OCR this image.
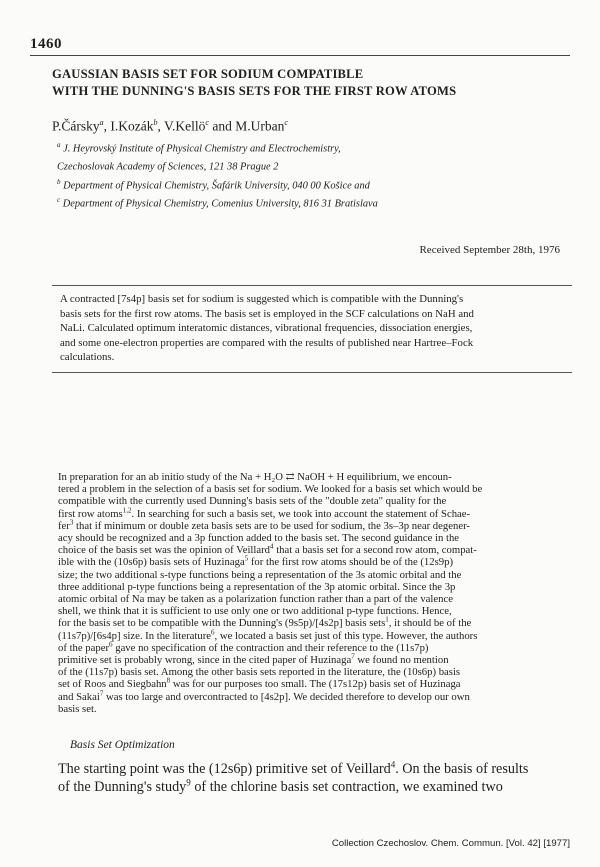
1460
GAUSSIAN BASIS SET FOR SODIUM COMPATIBLE
WITH THE DUNNING'S BASIS SETS FOR THE FIRST ROW ATOMS
P.Čársky$^a$, I.Kozák$^b$, V.Kellö$^c$ and M.Urban$^c$
$^a$ J. Heyrovský Institute of Physical Chemistry and Electrochemistry,
Czechoslovak Academy of Sciences, 121 38 Prague 2
$^b$ Department of Physical Chemistry, Šafárik University, 040 00 Košice and
$^c$ Department of Physical Chemistry, Comenius University, 816 31 Bratislava
Received September 28th, 1976
A contracted [7s4p] basis set for sodium is suggested which is compatible with the Dunning's
basis sets for the first row atoms. The basis set is employed in the SCF calculations on NaH and
NaLi. Calculated optimum interatomic distances, vibrational frequencies, dissociation energies,
and some one-electron properties are compared with the results of published near Hartree–Fock
calculations.
In preparation for an ab initio study of the Na + H₂O ⇄ NaOH + H equilibrium, we encoun-
tered a problem in the selection of a basis set for sodium. We looked for a basis set which would be
compatible with the currently used Dunning's basis sets of the "double zeta" quality for the
first row atoms$^{1,2}$. In searching for such a basis set, we took into account the statement of Schae-
fer$^3$ that if minimum or double zeta basis sets are to be used for sodium, the 3s–3p near degener-
acy should be recognized and a 3p function added to the basis set. The second guidance in the
choice of the basis set was the opinion of Veillard$^4$ that a basis set for a second row atom, compat-
ible with the (10s6p) basis sets of Huzinaga$^5$ for the first row atoms should be of the (12s9p)
size; the two additional s-type functions being a representation of the 3s atomic orbital and the
three additional p-type functions being a representation of the 3p atomic orbital. Since the 3p
atomic orbital of Na may be taken as a polarization function rather than a part of the valence
shell, we think that it is sufficient to use only one or two additional p-type functions. Hence,
for the basis set to be compatible with the Dunning's (9s5p)/[4s2p] basis sets$^1$, it should be of the
(11s7p)/[6s4p] size. In the literature$^6$, we located a basis set just of this type. However, the authors
of the paper$^6$ gave no specification of the contraction and their reference to the (11s7p)
primitive set is probably wrong, since in the cited paper of Huzinaga$^7$ we found no mention
of the (11s7p) basis set. Among the other basis sets reported in the literature, the (10s6p) basis
set of Roos and Siegbahn$^8$ was for our purposes too small. The (17s12p) basis set of Huzinaga
and Sakai$^7$ was too large and overcontracted to [4s2p]. We decided therefore to develop our own
basis set.
Basis Set Optimization
The starting point was the (12s6p) primitive set of Veillard$^4$. On the basis of results
of the Dunning's study$^9$ of the chlorine basis set contraction, we examined two
Collection Czechoslov. Chem. Commun. [Vol. 42] [1977]
